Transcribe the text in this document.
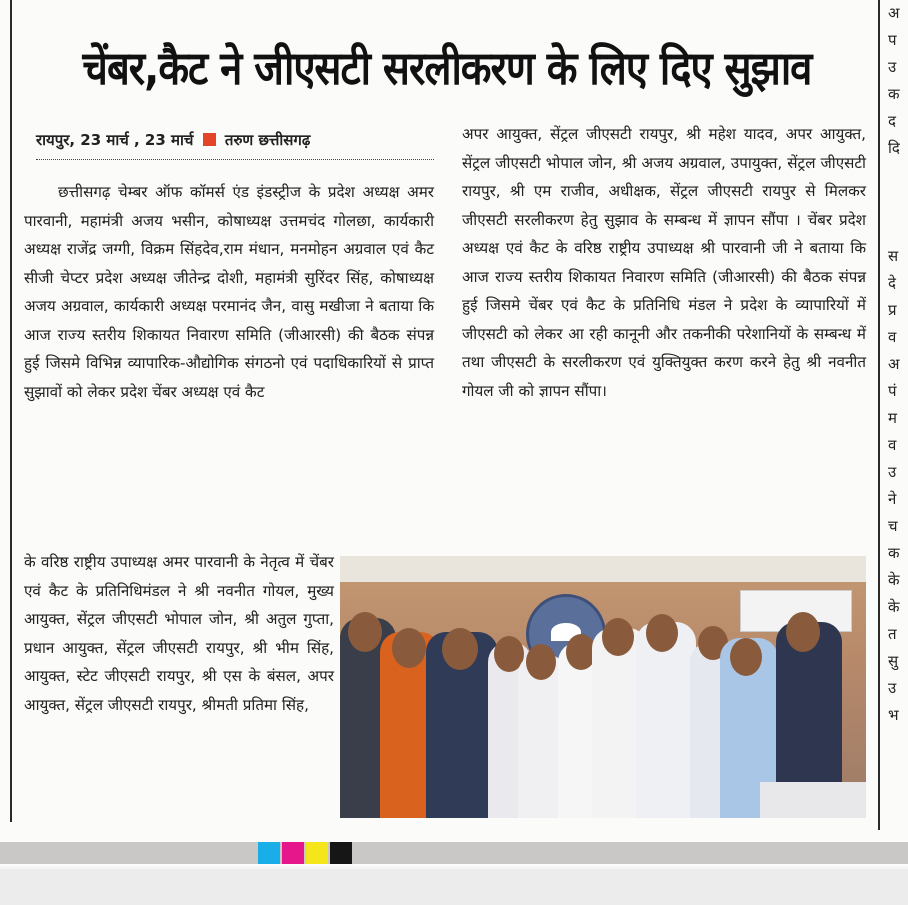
चेंबर,कैट ने जीएसटी सरलीकरण के लिए दिए सुझाव
रायपुर, 23 मार्च , 23 मार्च तरुण छत्तीसगढ़

छत्तीसगढ़ चेम्बर ऑफ कॉमर्स एंड इंडस्ट्रीज के प्रदेश अध्यक्ष अमर पारवानी, महामंत्री अजय भसीन, कोषाध्यक्ष उत्तमचंद गोलछा, कार्यकारी अध्यक्ष राजेंद्र जग्गी, विक्रम सिंहदेव,राम मंधान, मनमोहन अग्रवाल एवं कैट सीजी चेप्टर प्रदेश अध्यक्ष जीतेन्द्र दोशी, महामंत्री सुरिंदर सिंह, कोषाध्यक्ष अजय अग्रवाल, कार्यकारी अध्यक्ष परमानंद जैन, वासु मखीजा ने बताया कि आज राज्य स्तरीय शिकायत निवारण समिति (जीआरसी) की बैठक संपन्न हुई जिसमे विभिन्न व्यापारिक-औद्योगिक संगठनो एवं पदाधिकारियों से प्राप्त सुझावों को लेकर प्रदेश चेंबर अध्यक्ष एवं कैट

के वरिष्ठ राष्ट्रीय उपाध्यक्ष अमर पारवानी के नेतृत्व में चेंबर एवं कैट के प्रतिनिधिमंडल ने श्री नवनीत गोयल, मुख्य आयुक्त, सेंट्रल जीएसटी भोपाल जोन, श्री अतुल गुप्ता, प्रधान आयुक्त, सेंट्रल जीएसटी रायपुर, श्री भीम सिंह, आयुक्त, स्टेट जीएसटी रायपुर, श्री एस के बंसल, अपर आयुक्त, सेंट्रल जीएसटी रायपुर, श्रीमती प्रतिमा सिंह,

अपर आयुक्त, सेंट्रल जीएसटी रायपुर, श्री महेश यादव, अपर आयुक्त, सेंट्रल जीएसटी भोपाल जोन, श्री अजय अग्रवाल, उपायुक्त, सेंट्रल जीएसटी रायपुर, श्री एम राजीव, अधीक्षक, सेंट्रल जीएसटी रायपुर से मिलकर जीएसटी सरलीकरण हेतु सुझाव के सम्बन्ध में ज्ञापन सौंपा । चेंबर प्रदेश अध्यक्ष एवं कैट के वरिष्ठ राष्ट्रीय उपाध्यक्ष श्री पारवानी जी ने बताया कि आज राज्य स्तरीय शिकायत निवारण समिति (जीआरसी) की बैठक संपन्न हुई जिसमे चेंबर एवं कैट के प्रतिनिधि मंडल ने प्रदेश के व्यापारियों में जीएसटी को लेकर आ रही कानूनी और तकनीकी परेशानियों के सम्बन्ध में तथा जीएसटी के सरलीकरण एवं युक्तियुक्त करण करने हेतु श्री नवनीत गोयल जी को ज्ञापन सौंपा।

अ
प
उ
क
द
दि
स
दे
प्र
व
अ
पं
म
व
उ
ने
च
क
के
के
त
सु
उ
भ
